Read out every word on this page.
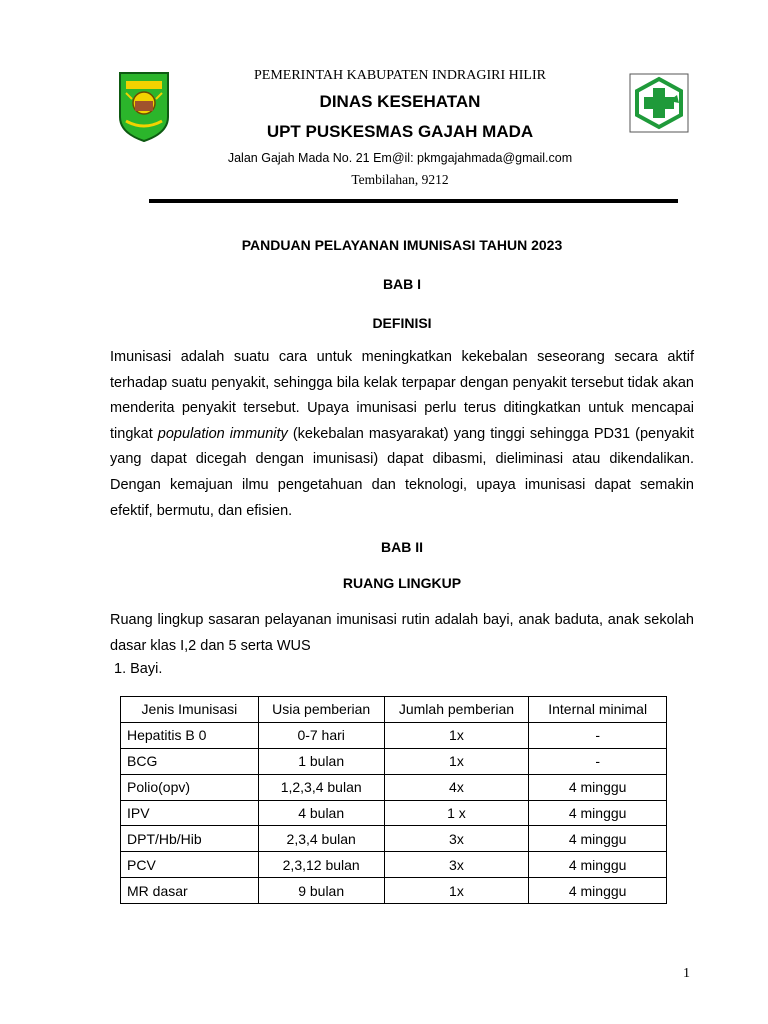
PEMERINTAH KABUPATEN INDRAGIRI HILIR
DINAS KESEHATAN
UPT PUSKESMAS GAJAH MADA
Jalan Gajah Mada No. 21 Em@il: pkmgajahmada@gmail.com
Tembilahan, 9212
PANDUAN PELAYANAN IMUNISASI TAHUN 2023
BAB I
DEFINISI
Imunisasi adalah suatu cara untuk meningkatkan kekebalan seseorang secara aktif terhadap suatu penyakit, sehingga bila kelak terpapar dengan penyakit tersebut tidak akan menderita penyakit tersebut. Upaya imunisasi perlu terus ditingkatkan untuk mencapai tingkat population immunity (kekebalan masyarakat) yang tinggi sehingga PD31 (penyakit yang dapat dicegah dengan imunisasi) dapat dibasmi, dieliminasi atau dikendalikan. Dengan kemajuan ilmu pengetahuan dan teknologi, upaya imunisasi dapat semakin efektif, bermutu, dan efisien.
BAB II
RUANG LINGKUP
Ruang lingkup sasaran pelayanan imunisasi rutin adalah bayi, anak baduta, anak sekolah dasar klas I,2 dan 5 serta WUS
1. Bayi.
Jenis Imunisasi	Usia pemberian	Jumlah pemberian	Internal minimal
Hepatitis B 0	0-7 hari	1x	-
BCG	1 bulan	1x	-
Polio(opv)	1,2,3,4 bulan	4x	4 minggu
IPV	4 bulan	1 x	4 minggu
DPT/Hb/Hib	2,3,4 bulan	3x	4 minggu
PCV	2,3,12 bulan	3x	4 minggu
MR dasar	9 bulan	1x	4 minggu
1
